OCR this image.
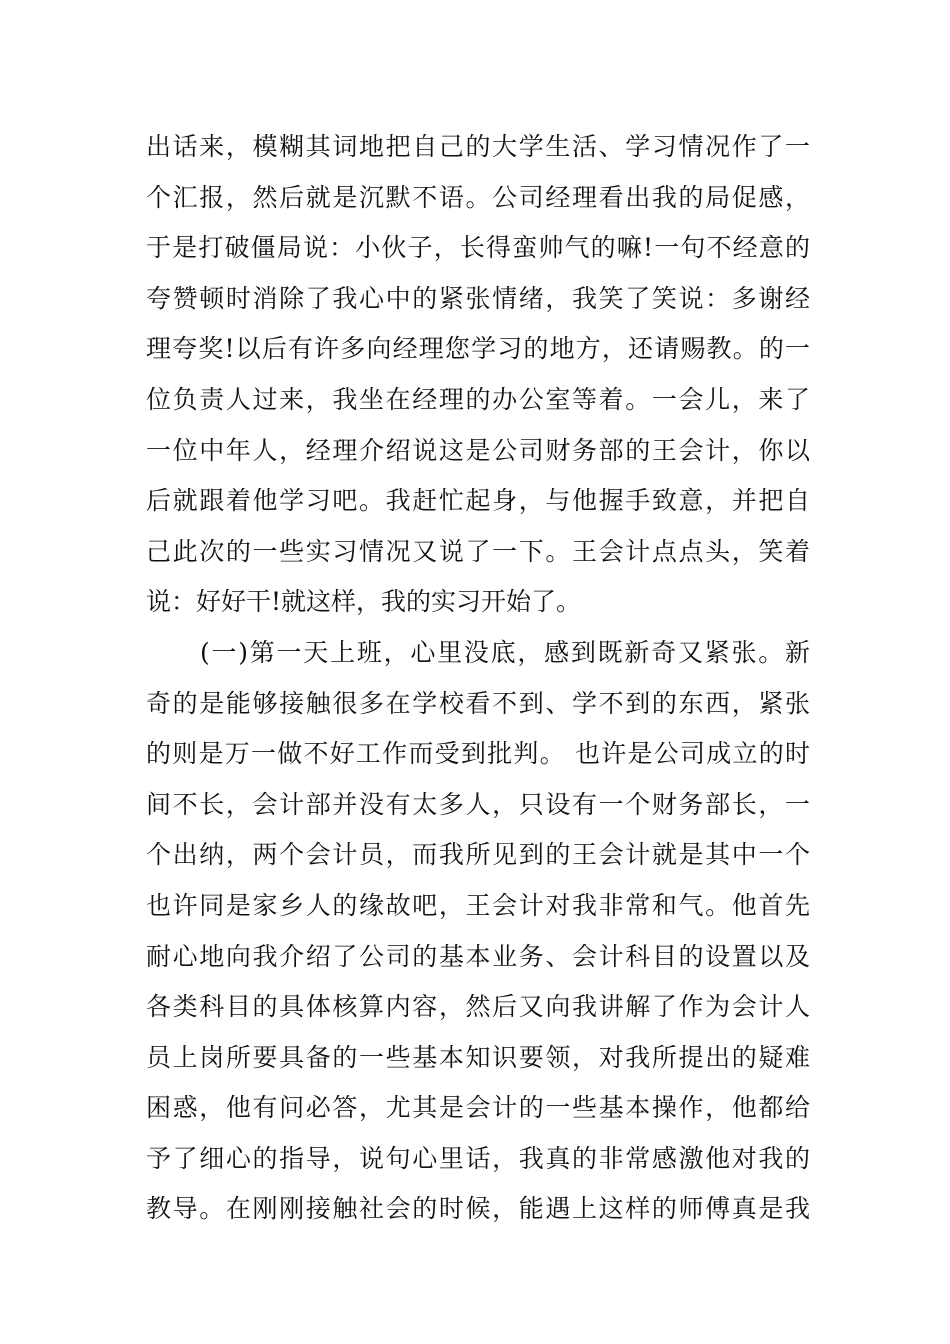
出话来，模糊其词地把自己的大学生活、学习情况作了一
个汇报，然后就是沉默不语。公司经理看出我的局促感，
于是打破僵局说：小伙子，长得蛮帅气的嘛!一句不经意的
夸赞顿时消除了我心中的紧张情绪，我笑了笑说：多谢经
理夸奖!以后有许多向经理您学习的地方，还请赐教。的一
位负责人过来，我坐在经理的办公室等着。一会儿，来了
一位中年人，经理介绍说这是公司财务部的王会计，你以
后就跟着他学习吧。我赶忙起身，与他握手致意，并把自
己此次的一些实习情况又说了一下。王会计点点头，笑着
说：好好干!就这样，我的实习开始了。
(一)第一天上班，心里没底，感到既新奇又紧张。新
奇的是能够接触很多在学校看不到、学不到的东西，紧张
的则是万一做不好工作而受到批判。 也许是公司成立的时
间不长，会计部并没有太多人，只设有一个财务部长，一
个出纳，两个会计员，而我所见到的王会计就是其中一个
也许同是家乡人的缘故吧，王会计对我非常和气。他首先
耐心地向我介绍了公司的基本业务、会计科目的设置以及
各类科目的具体核算内容，然后又向我讲解了作为会计人
员上岗所要具备的一些基本知识要领，对我所提出的疑难
困惑，他有问必答，尤其是会计的一些基本操作，他都给
予了细心的指导，说句心里话，我真的非常感激他对我的
教导。在刚刚接触社会的时候，能遇上这样的师傅真是我
